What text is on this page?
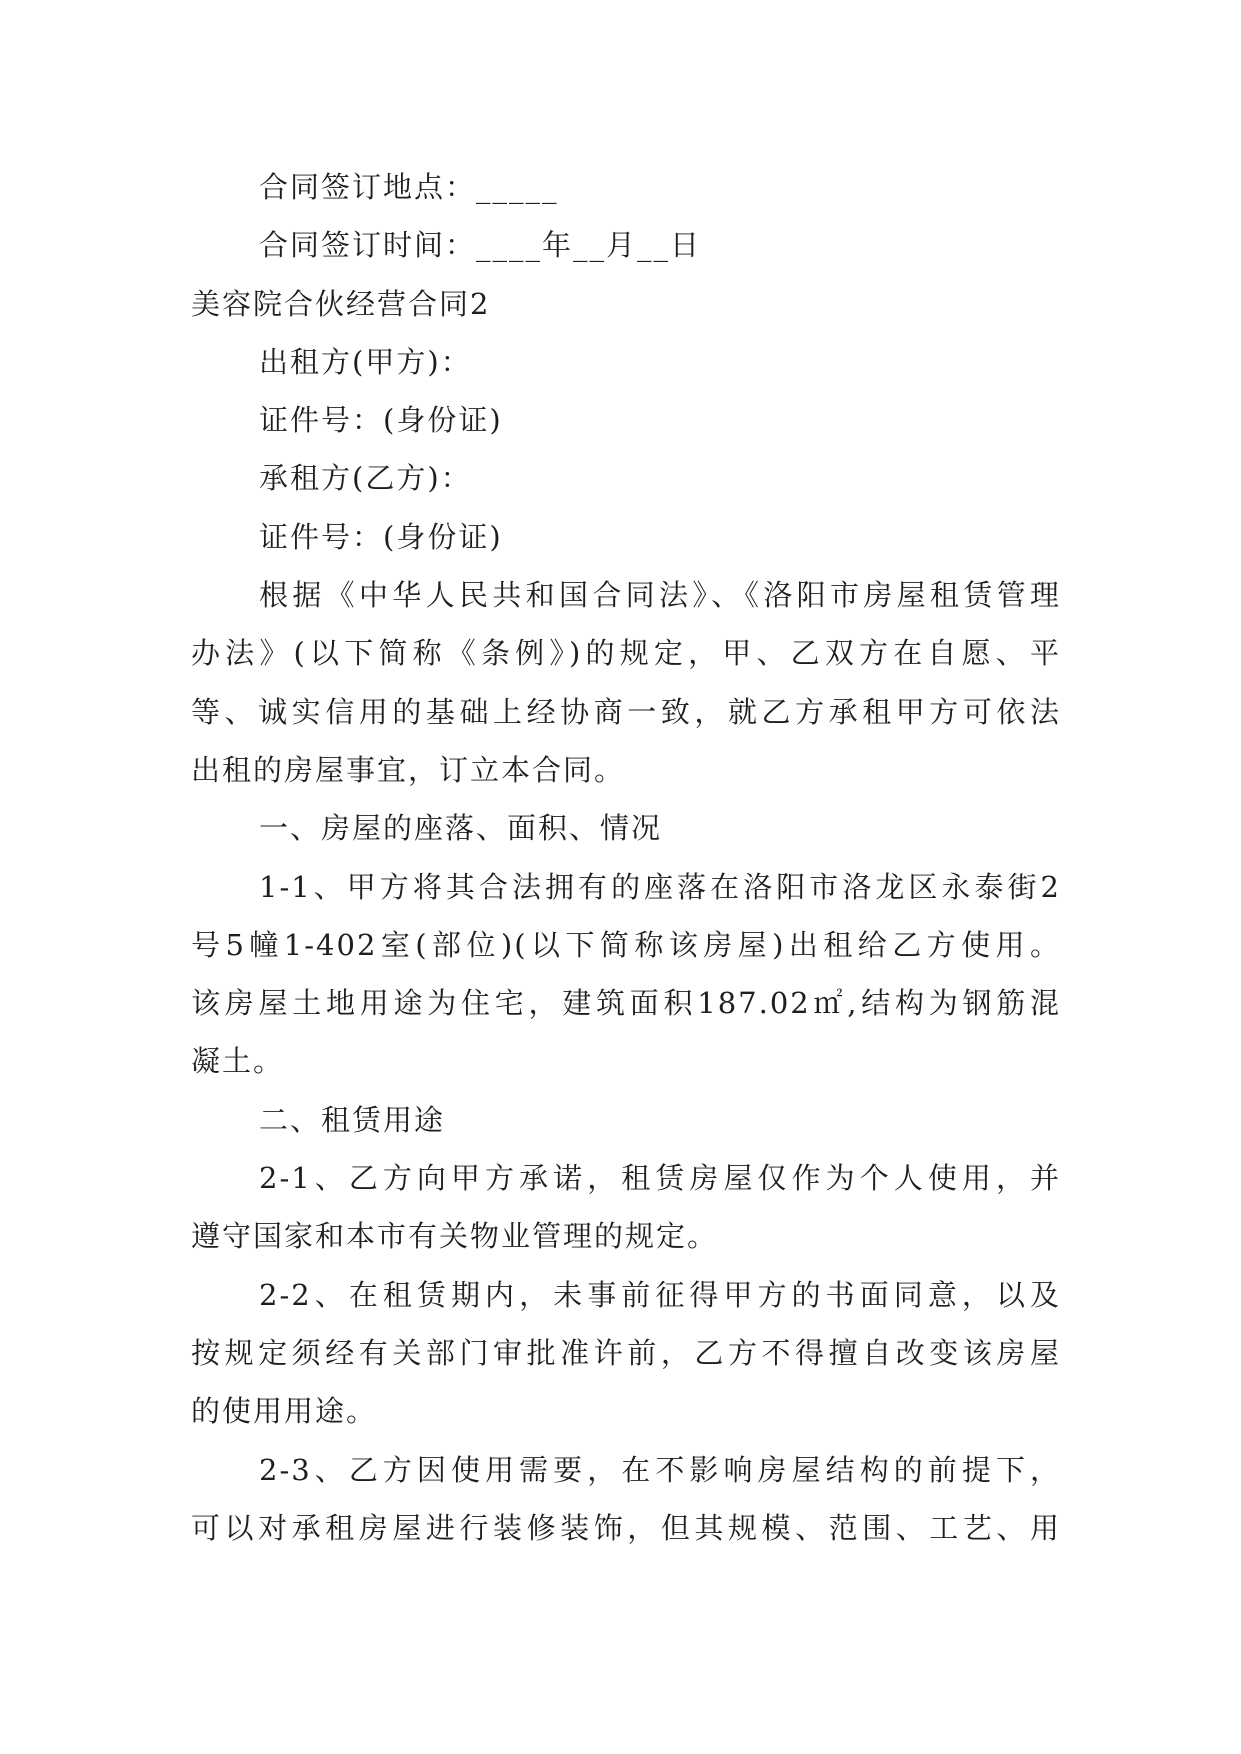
合同签订地点：_____
合同签订时间：____年__月__日
美容院合伙经营合同2
出租方(甲方)：
证件号：(身份证)
承租方(乙方)：
证件号：(身份证)
根据《中华人民共和国合同法》、《洛阳市房屋租赁管理
办法》(以下简称《条例》)的规定，甲、乙双方在自愿、平
等、诚实信用的基础上经协商一致，就乙方承租甲方可依法
出租的房屋事宜，订立本合同。
一、房屋的座落、面积、情况
1-1、甲方将其合法拥有的座落在洛阳市洛龙区永泰街2
号5幢1-402室(部位)(以下简称该房屋)出租给乙方使用。
该房屋土地用途为住宅，建筑面积187.02㎡,结构为钢筋混
凝土。
二、租赁用途
2-1、乙方向甲方承诺，租赁房屋仅作为个人使用，并
遵守国家和本市有关物业管理的规定。
2-2、在租赁期内，未事前征得甲方的书面同意，以及
按规定须经有关部门审批准许前，乙方不得擅自改变该房屋
的使用用途。
2-3、乙方因使用需要，在不影响房屋结构的前提下，
可以对承租房屋进行装修装饰，但其规模、范围、工艺、用
